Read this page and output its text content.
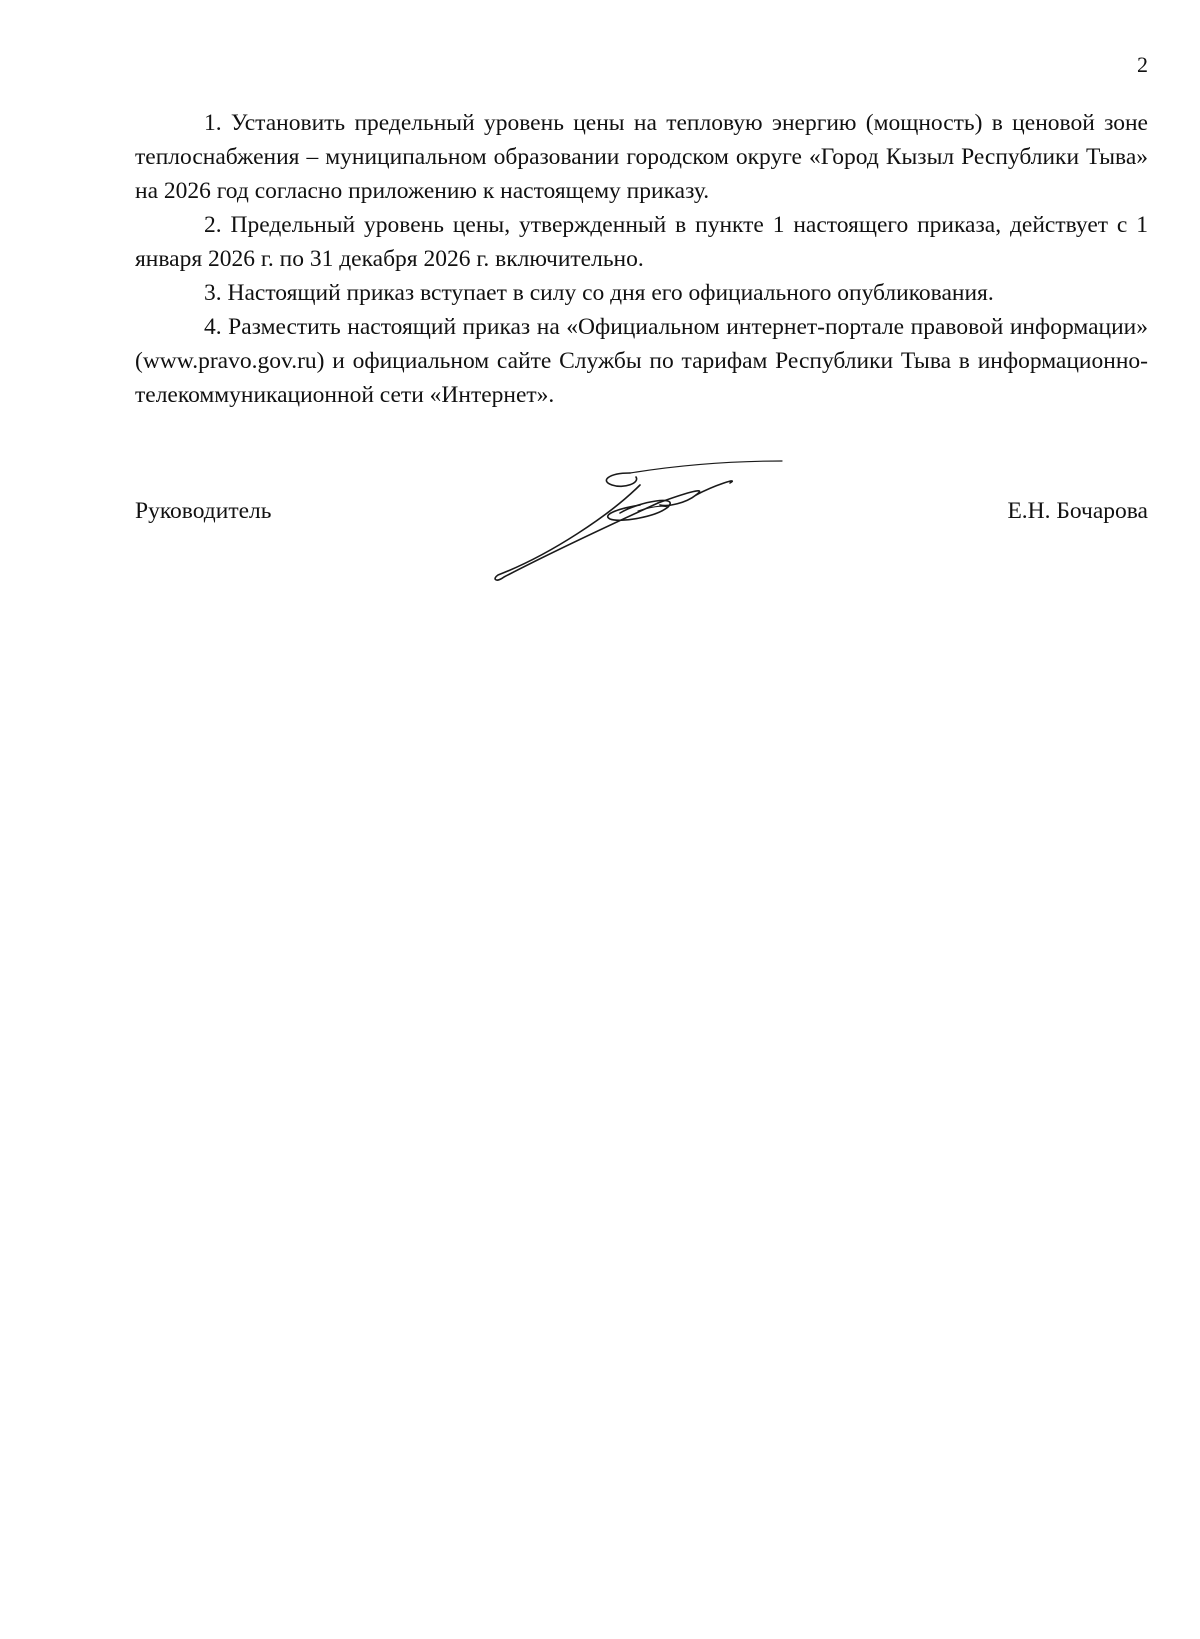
2

1. Установить предельный уровень цены на тепловую энергию (мощность) в ценовой зоне теплоснабжения – муниципальном образовании городском округе «Город Кызыл Республики Тыва» на 2026 год согласно приложению к настоящему приказу.

2. Предельный уровень цены, утвержденный в пункте 1 настоящего приказа, действует с 1 января 2026 г. по 31 декабря 2026 г. включительно.

3. Настоящий приказ вступает в силу со дня его официального опубликования.

4. Разместить настоящий приказ на «Официальном интернет-портале правовой информации» (www.pravo.gov.ru) и официальном сайте Службы по тарифам Республики Тыва в информационно-телекоммуникационной сети «Интернет».

Руководитель	Е.Н. Бочарова
